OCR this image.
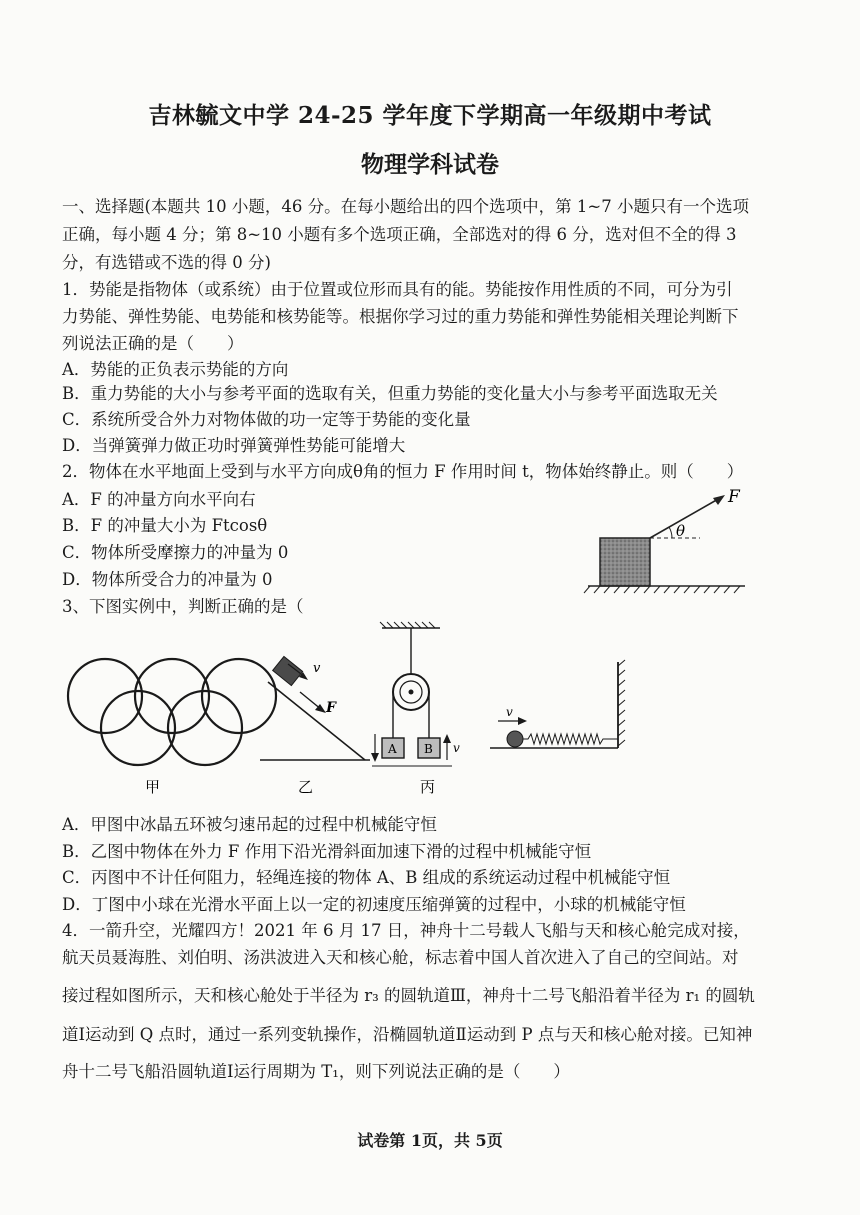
吉林毓文中学 24-25 学年度下学期高一年级期中考试
物理学科试卷
一、选择题(本题共 10 小题，46 分。在每小题给出的四个选项中，第 1~7 小题只有一个选项
正确，每小题 4 分；第 8~10 小题有多个选项正确，全部选对的得 6 分，选对但不全的得 3
分，有选错或不选的得 0 分)
1．势能是指物体（或系统）由于位置或位形而具有的能。势能按作用性质的不同，可分为引
力势能、弹性势能、电势能和核势能等。根据你学习过的重力势能和弹性势能相关理论判断下
列说法正确的是（　　）
A．势能的正负表示势能的方向
B．重力势能的大小与参考平面的选取有关，但重力势能的变化量大小与参考平面选取无关
C．系统所受合外力对物体做的功一定等于势能的变化量
D．当弹簧弹力做正功时弹簧弹性势能可能增大
2．物体在水平地面上受到与水平方向成θ角的恒力 F 作用时间 t，物体始终静止。则（　　）
A．F 的冲量方向水平向右
B．F 的冲量大小为 Ftcosθ
C．物体所受摩擦力的冲量为 0
D．物体所受合力的冲量为 0
F
θ
3、下图实例中，判断正确的是（
甲
v
F
乙
A B v
丙
v
A．甲图中冰晶五环被匀速吊起的过程中机械能守恒
B．乙图中物体在外力 F 作用下沿光滑斜面加速下滑的过程中机械能守恒
C．丙图中不计任何阻力，轻绳连接的物体 A、B 组成的系统运动过程中机械能守恒
D．丁图中小球在光滑水平面上以一定的初速度压缩弹簧的过程中，小球的机械能守恒
4．一箭升空，光耀四方！2021 年 6 月 17 日，神舟十二号载人飞船与天和核心舱完成对接，
航天员聂海胜、刘伯明、汤洪波进入天和核心舱，标志着中国人首次进入了自己的空间站。对
接过程如图所示，天和核心舱处于半径为 r₃ 的圆轨道Ⅲ，神舟十二号飞船沿着半径为 r₁ 的圆轨
道Ⅰ运动到 Q 点时，通过一系列变轨操作，沿椭圆轨道Ⅱ运动到 P 点与天和核心舱对接。已知神
舟十二号飞船沿圆轨道Ⅰ运行周期为 T₁，则下列说法正确的是（　　）
试卷第 1页，共 5页
